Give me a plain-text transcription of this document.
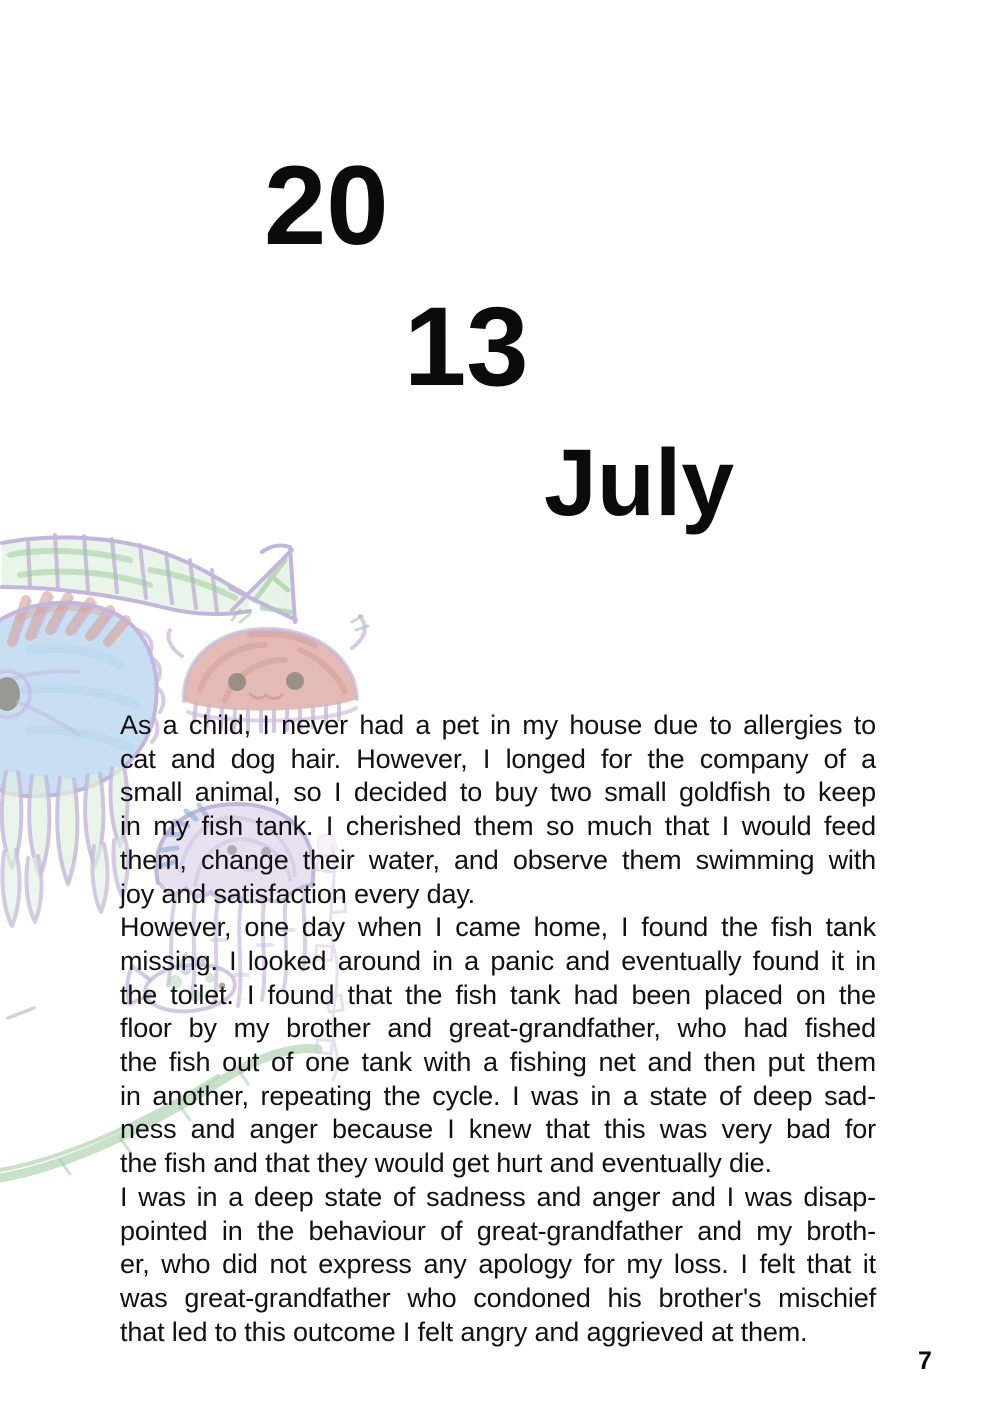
20
13
July
As a child, I never had a pet in my house due to allergies to
cat and dog hair. However, I longed for the company of a
small animal, so I decided to buy two small goldfish to keep
in my fish tank. I cherished them so much that I would feed
them, change their water, and observe them swimming with
joy and satisfaction every day.
However, one day when I came home, I found the fish tank
missing. I looked around in a panic and eventually found it in
the toilet. I found that the fish tank had been placed on the
floor by my brother and great-grandfather, who had fished
the fish out of one tank with a fishing net and then put them
in another, repeating the cycle. I was in a state of deep sad-
ness and anger because I knew that this was very bad for
the fish and that they would get hurt and eventually die.
I was in a deep state of sadness and anger and I was disap-
pointed in the behaviour of great-grandfather and my broth-
er, who did not express any apology for my loss. I felt that it
was great-grandfather who condoned his brother's mischief
that led to this outcome I felt angry and aggrieved at them.
7
